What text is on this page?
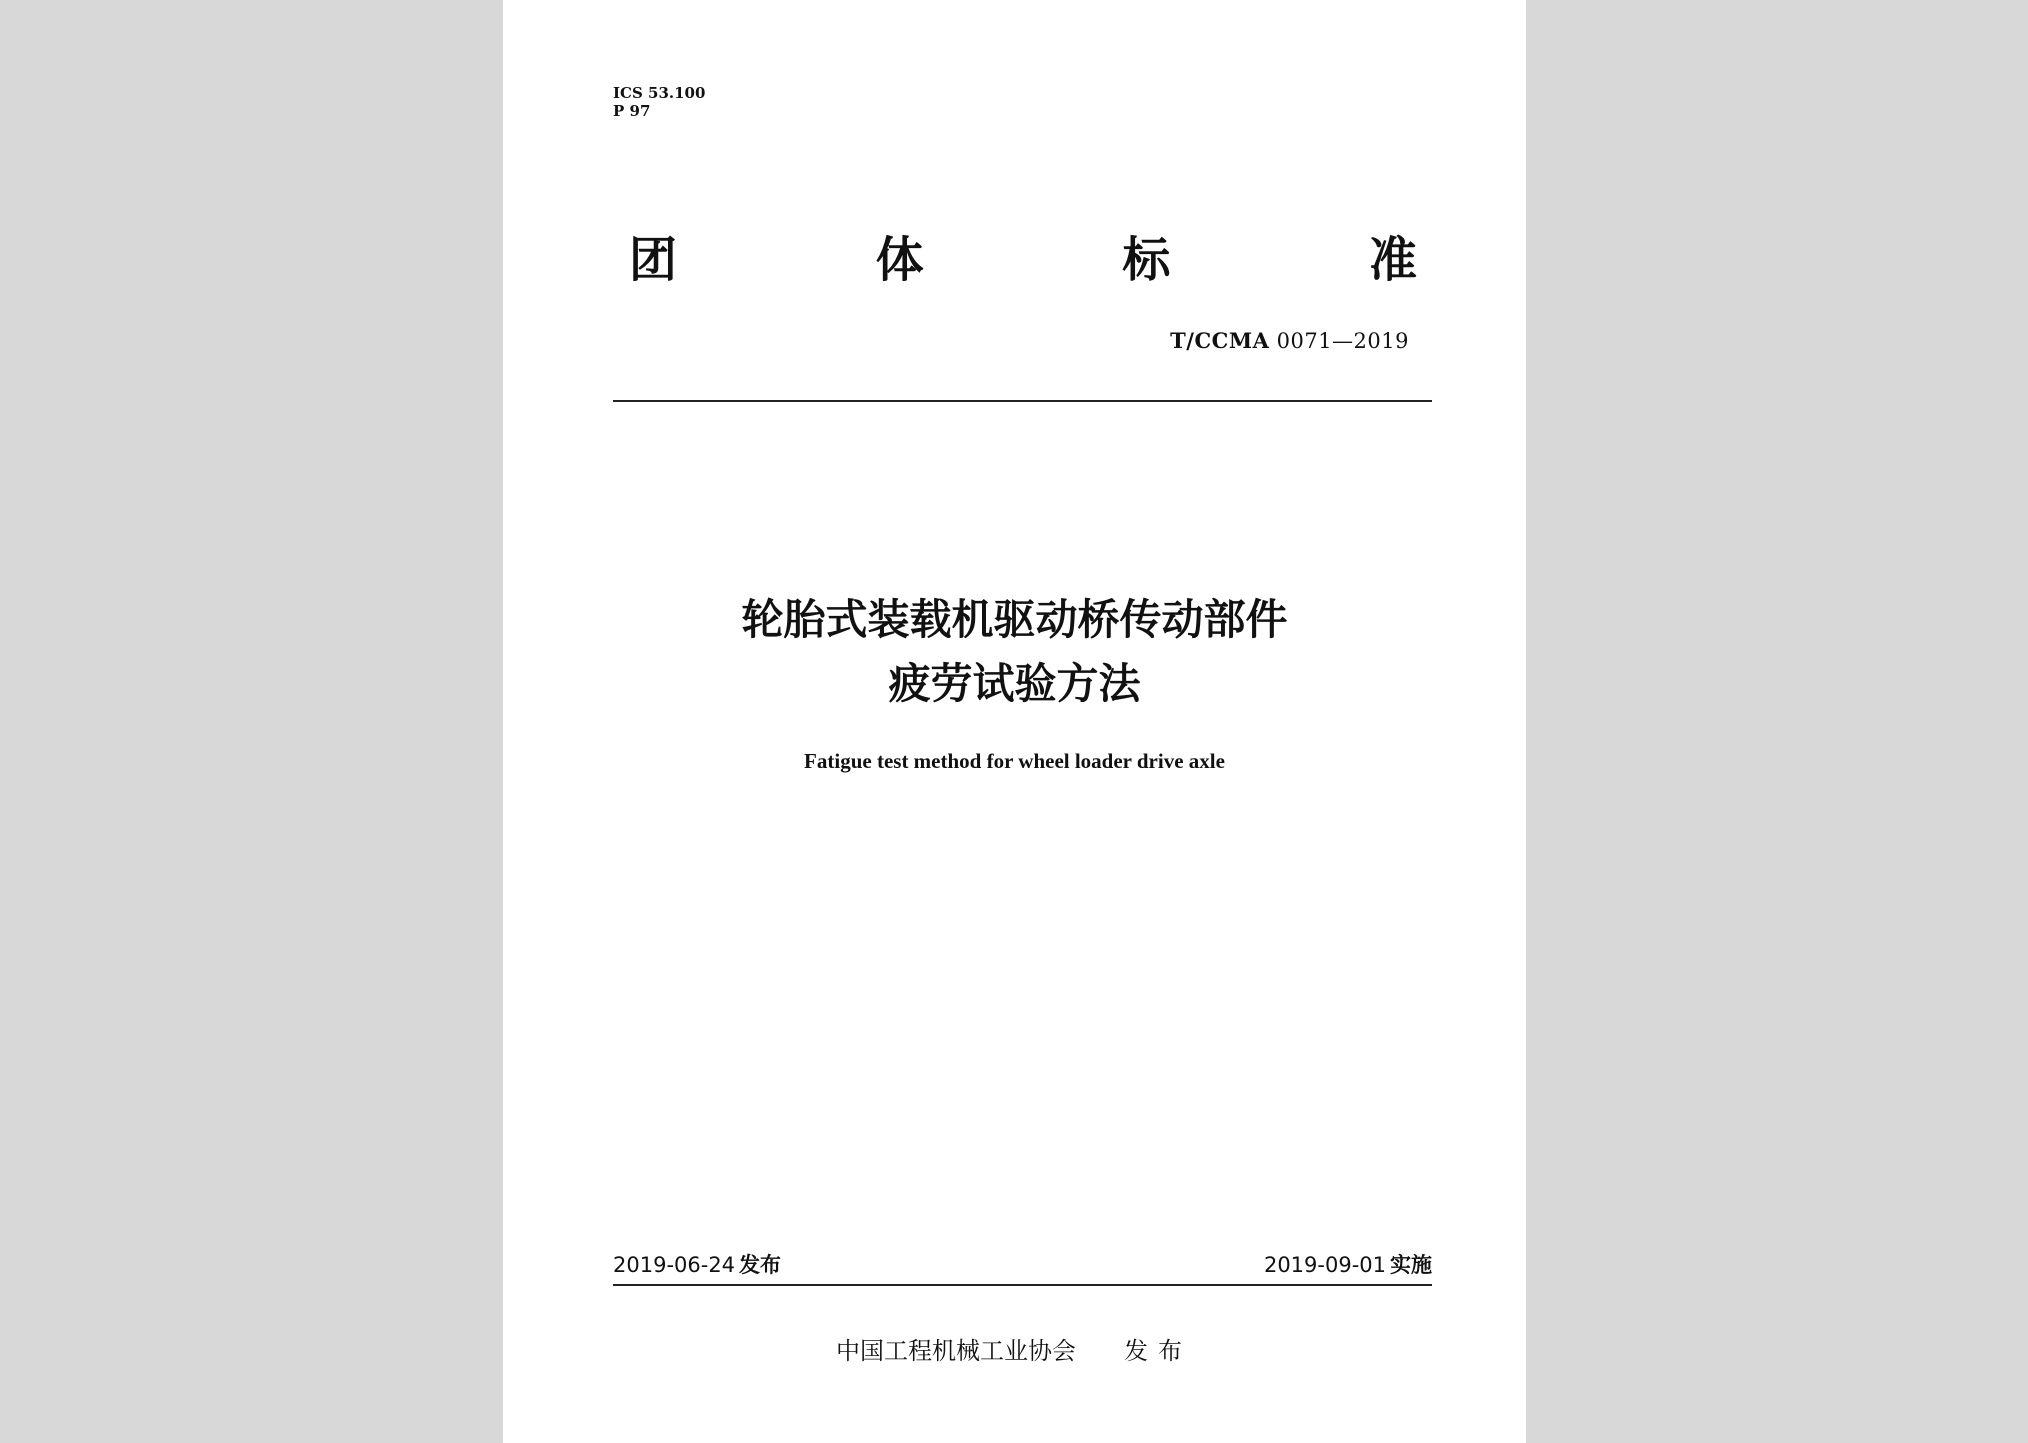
ICS 53.100
P 97
团	体	标	准
T/CCMA 0071—2019
轮胎式装载机驱动桥传动部件
疲劳试验方法
Fatigue test method for wheel loader drive axle
2019-06-24 发布	2019-09-01 实施
中国工程机械工业协会 发布
